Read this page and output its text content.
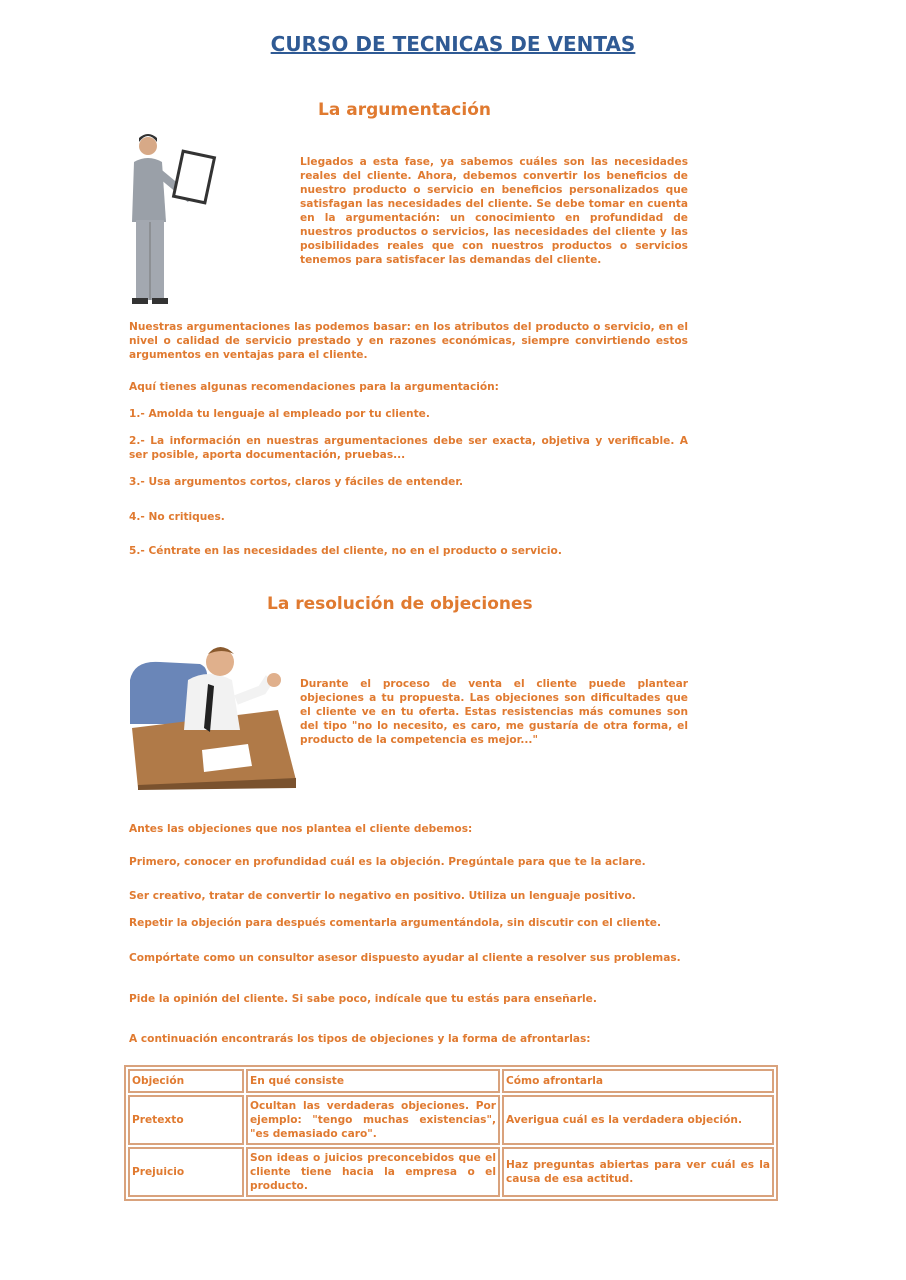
CURSO DE TECNICAS DE VENTAS
La argumentación
Llegados a esta fase, ya sabemos cuáles son las necesidades reales del cliente. Ahora, debemos convertir los beneficios de nuestro producto o servicio en beneficios personalizados que satisfagan las necesidades del cliente. Se debe tomar en cuenta en la argumentación: un conocimiento en profundidad de nuestros productos o servicios, las necesidades del cliente y las posibilidades reales que con nuestros productos o servicios tenemos para satisfacer las demandas del cliente.
Nuestras argumentaciones las podemos basar: en los atributos del producto o servicio, en el nivel o calidad de servicio prestado y en razones económicas, siempre convirtiendo estos argumentos en ventajas para el cliente.
Aquí tienes algunas recomendaciones para la argumentación:
1.- Amolda tu lenguaje al empleado por tu cliente.
2.- La información en nuestras argumentaciones debe ser exacta, objetiva y verificable. A ser posible, aporta documentación, pruebas...
3.- Usa argumentos cortos, claros y fáciles de entender.
4.- No critiques.
5.- Céntrate en las necesidades del cliente, no en el producto o servicio.
La resolución de objeciones
Durante el proceso de venta el cliente puede plantear objeciones a tu propuesta. Las objeciones son dificultades que el cliente ve en tu oferta. Estas resistencias más comunes son del tipo "no lo necesito, es caro, me gustaría de otra forma, el producto de la competencia es mejor..."
Antes las objeciones que nos plantea el cliente debemos:
Primero, conocer en profundidad cuál es la objeción. Pregúntale para que te la aclare.
Ser creativo, tratar de convertir lo negativo en positivo. Utiliza un lenguaje positivo.
Repetir la objeción para después comentarla argumentándola, sin discutir con el cliente.
Compórtate como un consultor asesor dispuesto ayudar al cliente a resolver sus problemas.
Pide la opinión del cliente. Si sabe poco, indícale que tu estás para enseñarle.
A continuación encontrarás los tipos de objeciones y la forma de afrontarlas:
Objeción	En qué consiste	Cómo afrontarla
Pretexto	Ocultan las verdaderas objeciones. Por ejemplo: "tengo muchas existencias", "es demasiado caro".	Averigua cuál es la verdadera objeción.
Prejuicio	Son ideas o juicios preconcebidos que el cliente tiene hacia la empresa o el producto.	Haz preguntas abiertas para ver cuál es la causa de esa actitud.
